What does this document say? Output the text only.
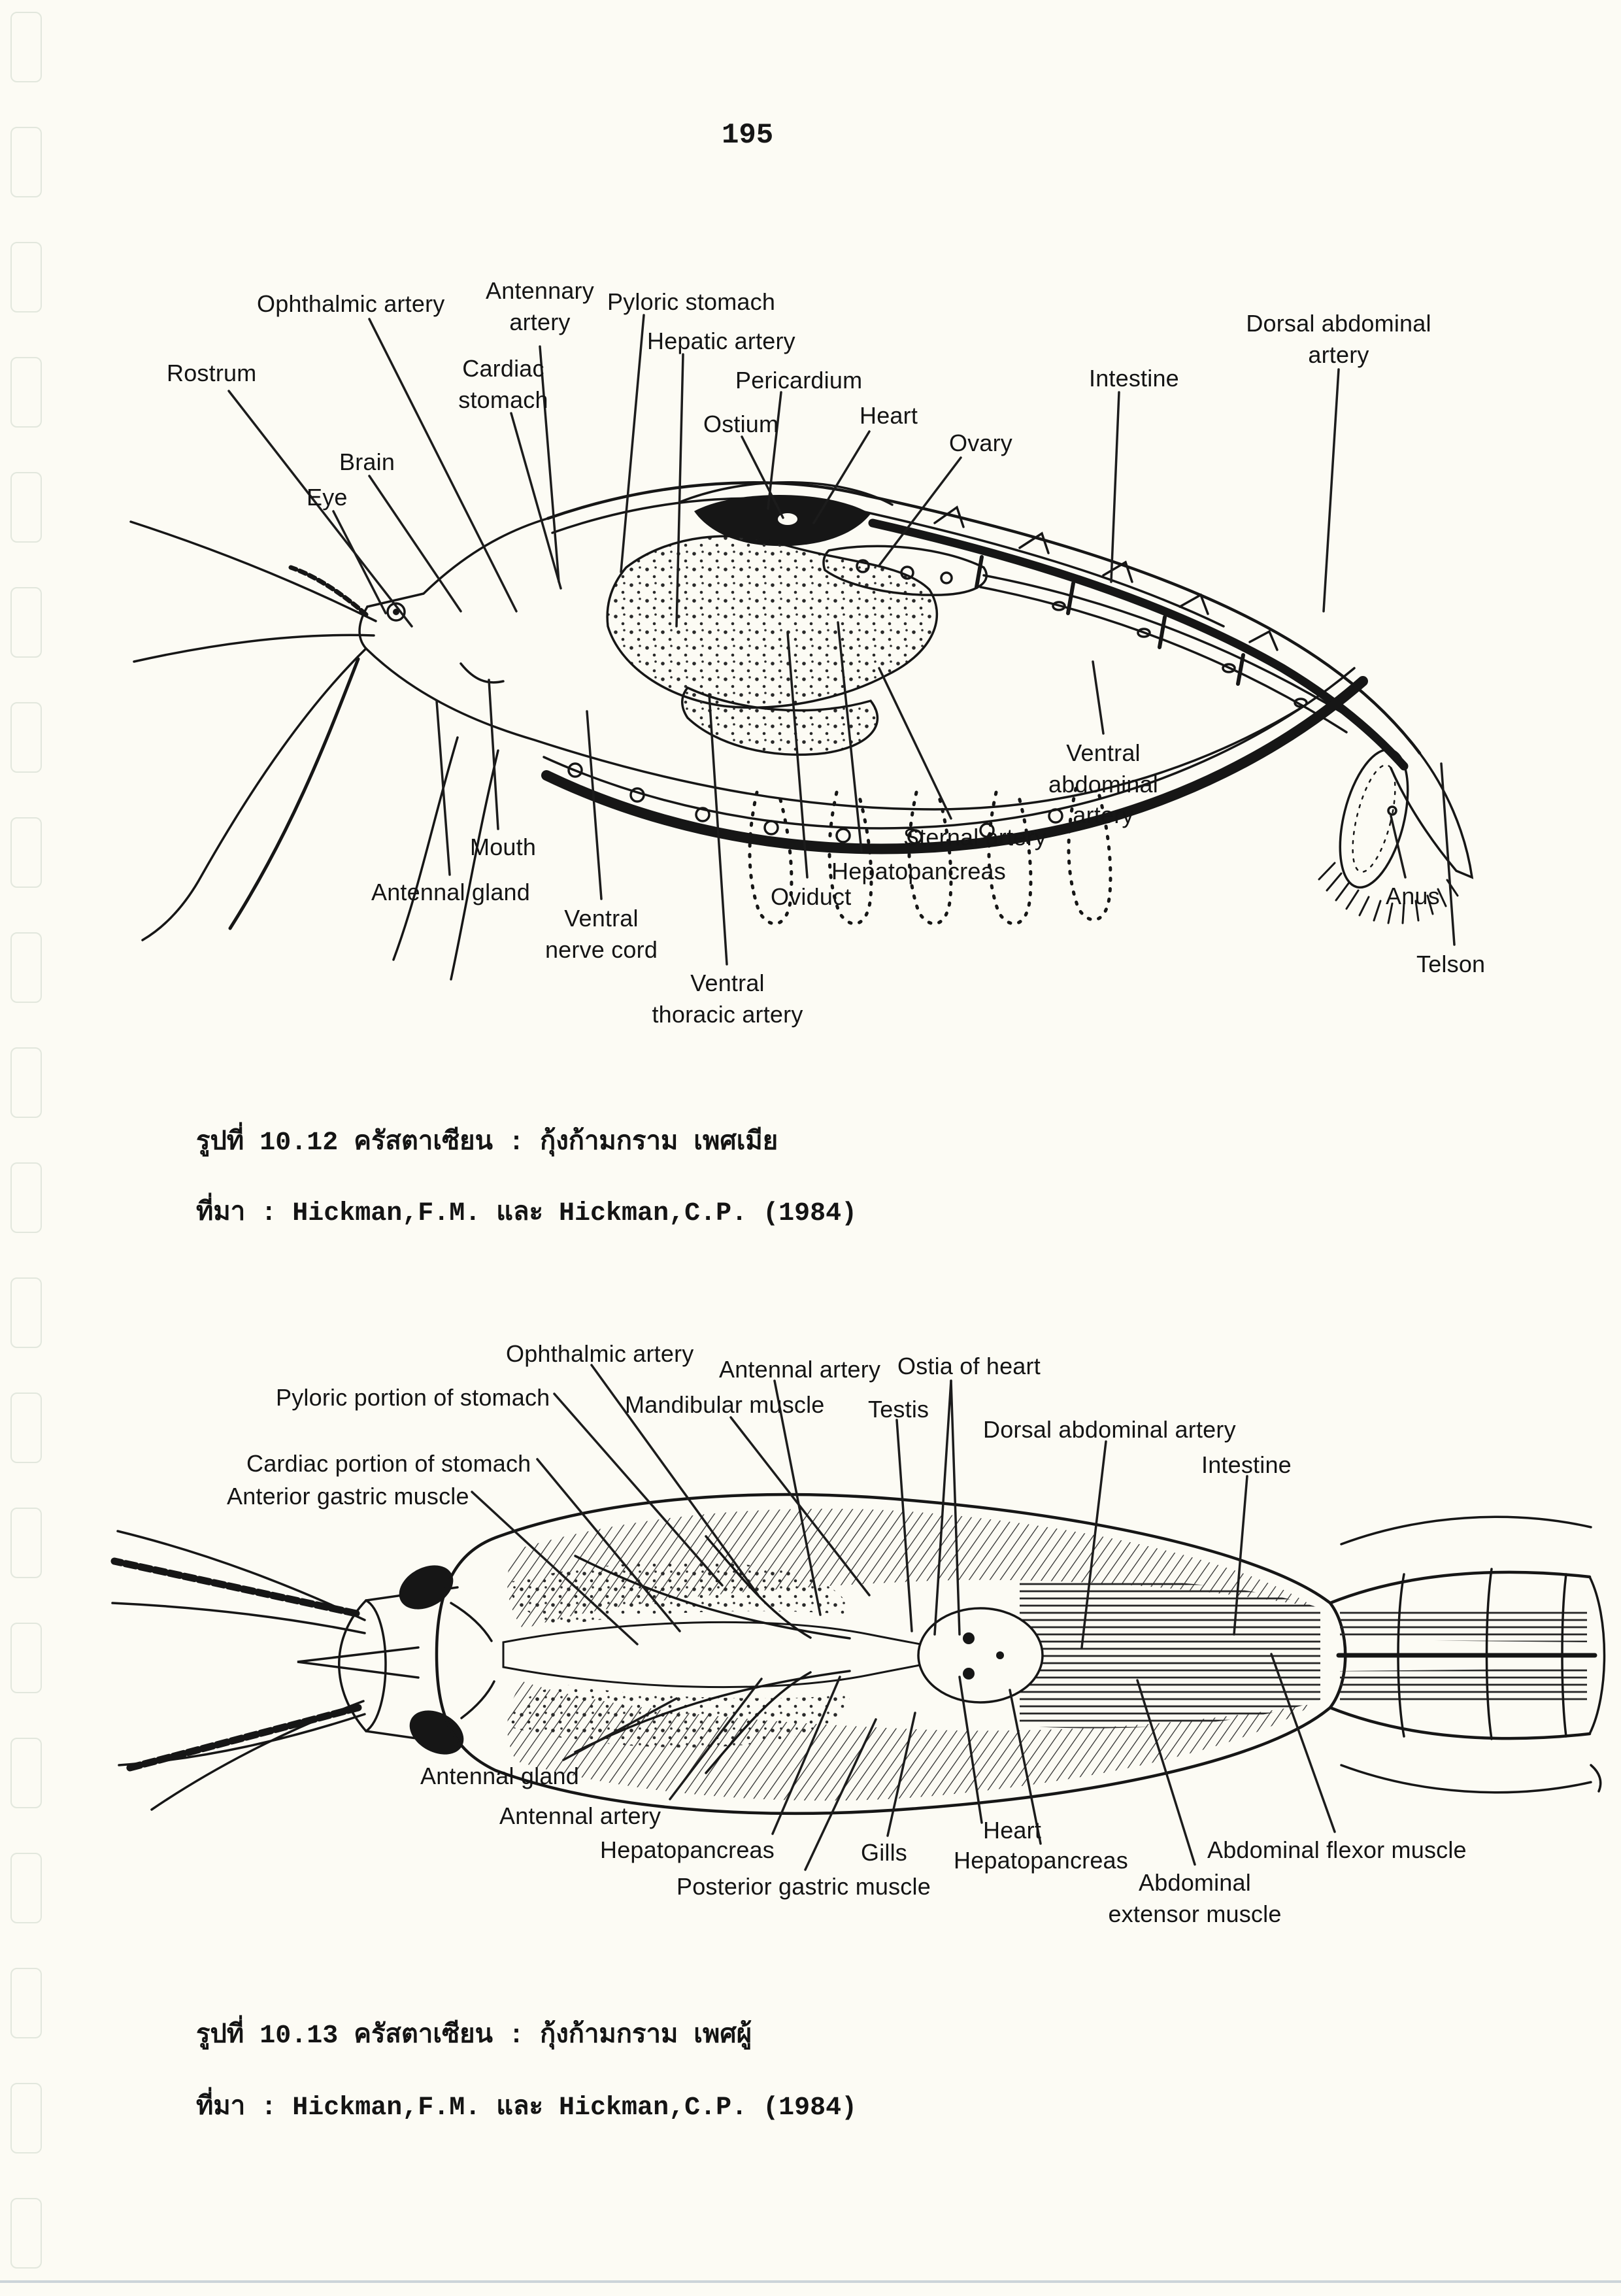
195
Rostrum
Ophthalmic artery Antennary
artery
Cardiac
stomach
Pyloric stomach
Hepatic artery
Pericardium
Ostium	Heart
Ovary
Intestine
Dorsal abdominal
artery
Brain
Eye
Mouth
Antennal gland
Ventral
nerve cord
Ventral
thoracic artery
Oviduct
Hepatopancreas
Sternal artery
Ventral
abdominal
artery
Anus
Telson
รูปที่ 10.12 ครัสตาเซียน : กุ้งก้ามกราม เพศเมีย
ที่มา : Hickman,F.M. และ Hickman,C.P. (1984)
Ophthalmic artery
Antennal artery Ostia of heart
Pyloric portion of stomach	Mandibular muscle Testis
Dorsal abdominal artery
Cardiac portion of stomach	Intestine
Anterior gastric muscle
Antennal gland
Antennal artery
Hepatopancreas	Gills
Heart
Hepatopancreas	Abdominal flexor muscle
Posterior gastric muscle	Abdominal
extensor muscle
รูปที่ 10.13 ครัสตาเซียน : กุ้งก้ามกราม เพศผู้
ที่มา : Hickman,F.M. และ Hickman,C.P. (1984)
